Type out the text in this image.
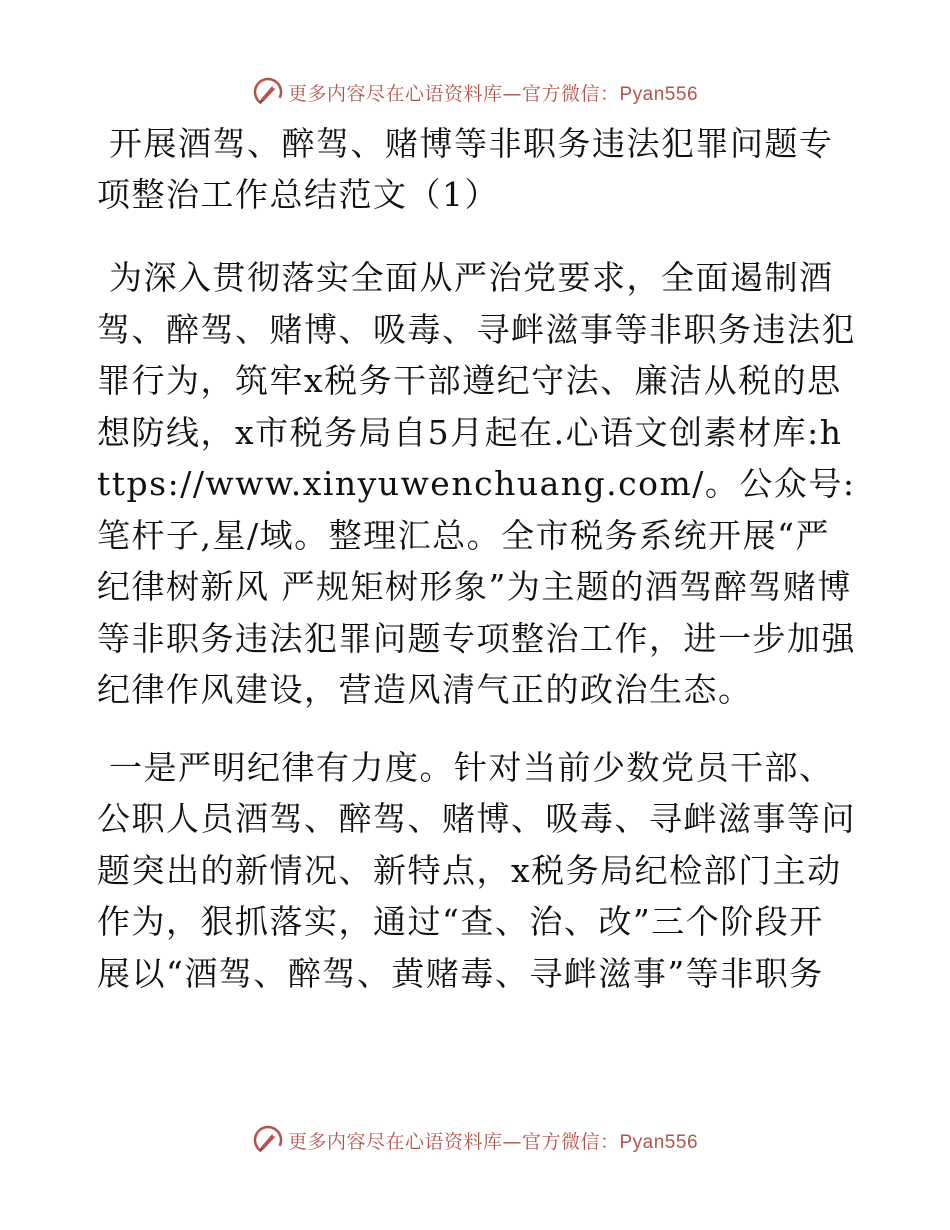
更多内容尽在心语资料库—官方微信：Pyan556
开展酒驾、醉驾、赌博等非职务违法犯罪问题专项整治工作总结范文（1）

为深入贯彻落实全面从严治党要求，全面遏制酒驾、醉驾、赌博、吸毒、寻衅滋事等非职务违法犯罪行为，筑牢x税务干部遵纪守法、廉洁从税的思想防线，x市税务局自5月起在.心语文创素材库:https://www.xinyuwenchuang.com/。公众号: 笔杆子,星/域。整理汇总。全市税务系统开展“严纪律树新风 严规矩树形象”为主题的酒驾醉驾赌博等非职务违法犯罪问题专项整治工作，进一步加强纪律作风建设，营造风清气正的政治生态。

一是严明纪律有力度。针对当前少数党员干部、公职人员酒驾、醉驾、赌博、吸毒、寻衅滋事等问题突出的新情况、新特点，x税务局纪检部门主动作为，狠抓落实，通过“查、治、改”三个阶段开展以“酒驾、醉驾、黄赌毒、寻衅滋事”等非职务

更多内容尽在心语资料库—官方微信：Pyan556
